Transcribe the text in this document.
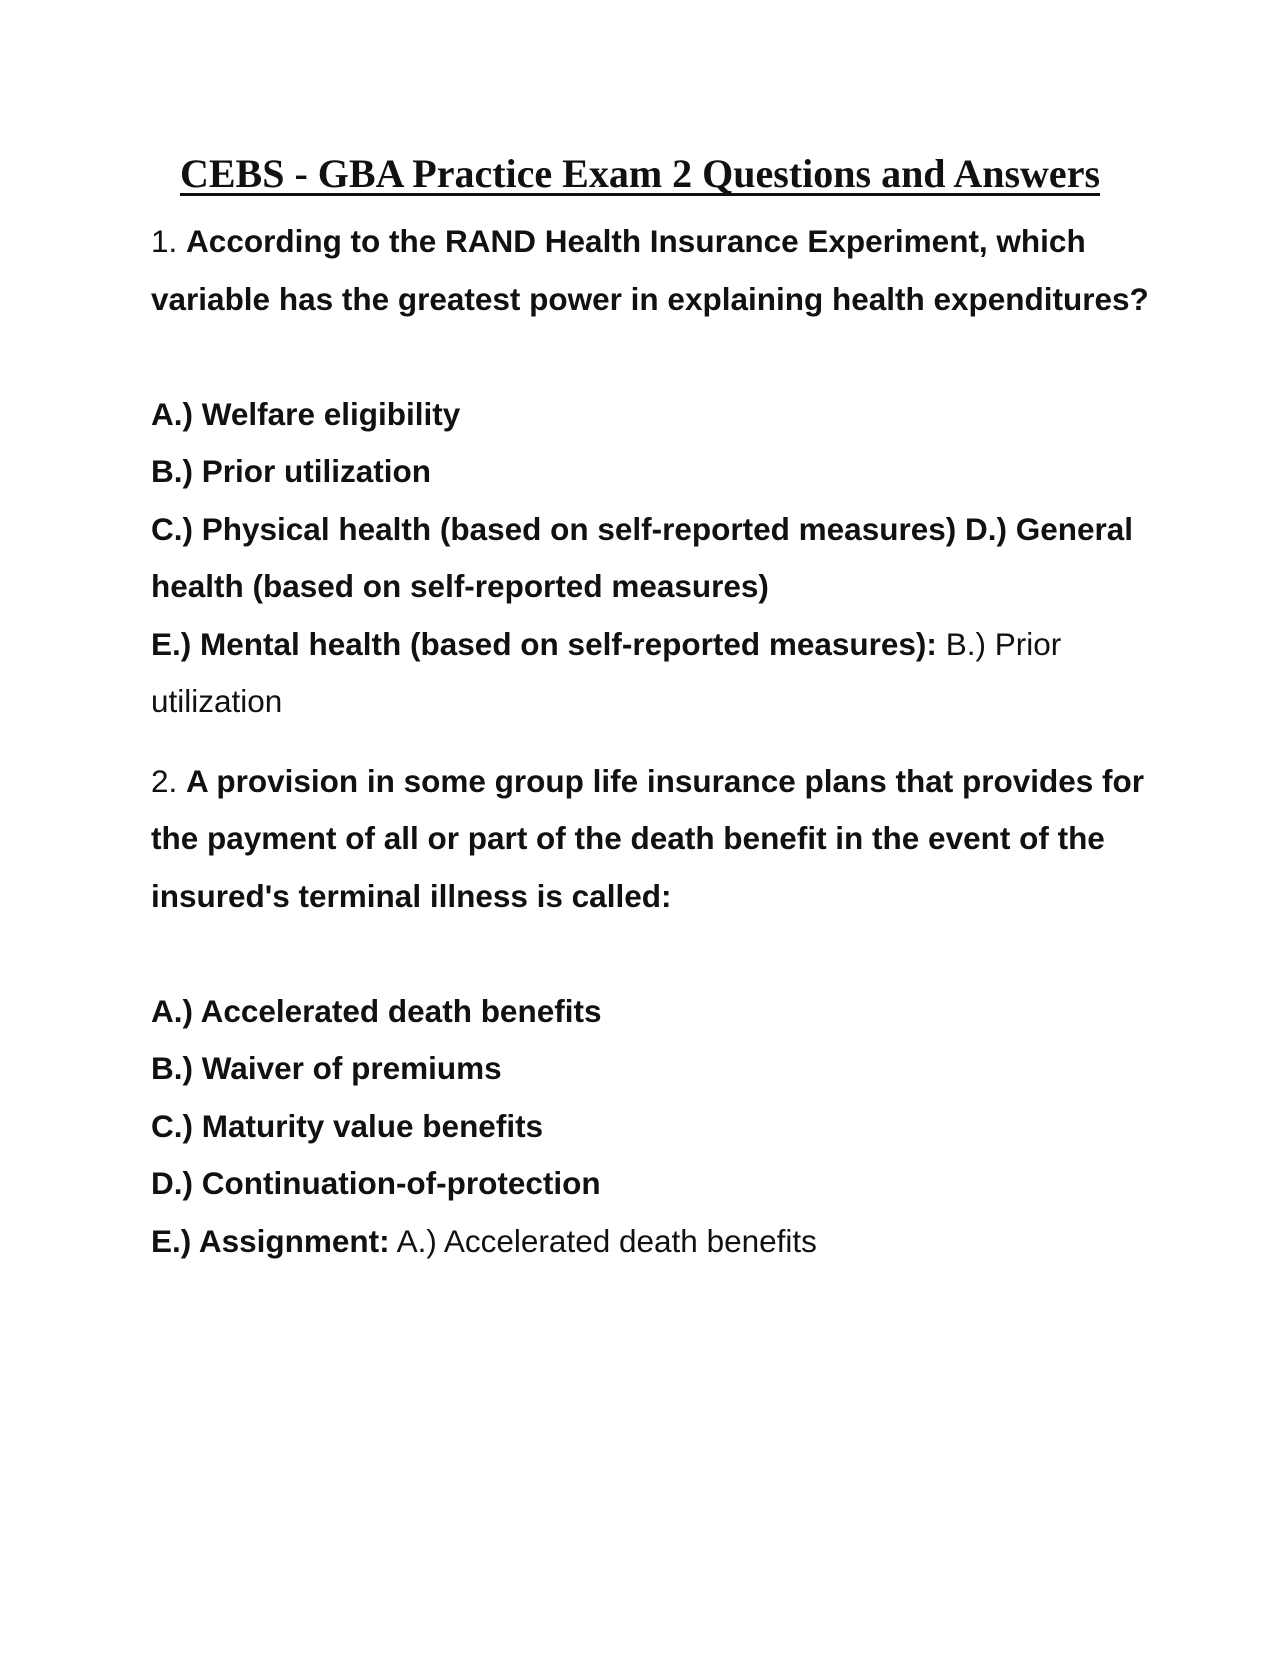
CEBS - GBA Practice Exam 2 Questions and Answers

1. According to the RAND Health Insurance Experiment, which variable has the greatest power in explaining health expenditures?

A.) Welfare eligibility

B.) Prior utilization

C.) Physical health (based on self-reported measures) D.) General health (based on self-reported measures)

E.) Mental health (based on self-reported measures): B.) Prior utilization

2. A provision in some group life insurance plans that provides for the payment of all or part of the death benefit in the event of the insured's terminal illness is called:

A.) Accelerated death benefits

B.) Waiver of premiums

C.) Maturity value benefits

D.) Continuation-of-protection

E.) Assignment: A.) Accelerated death benefits
